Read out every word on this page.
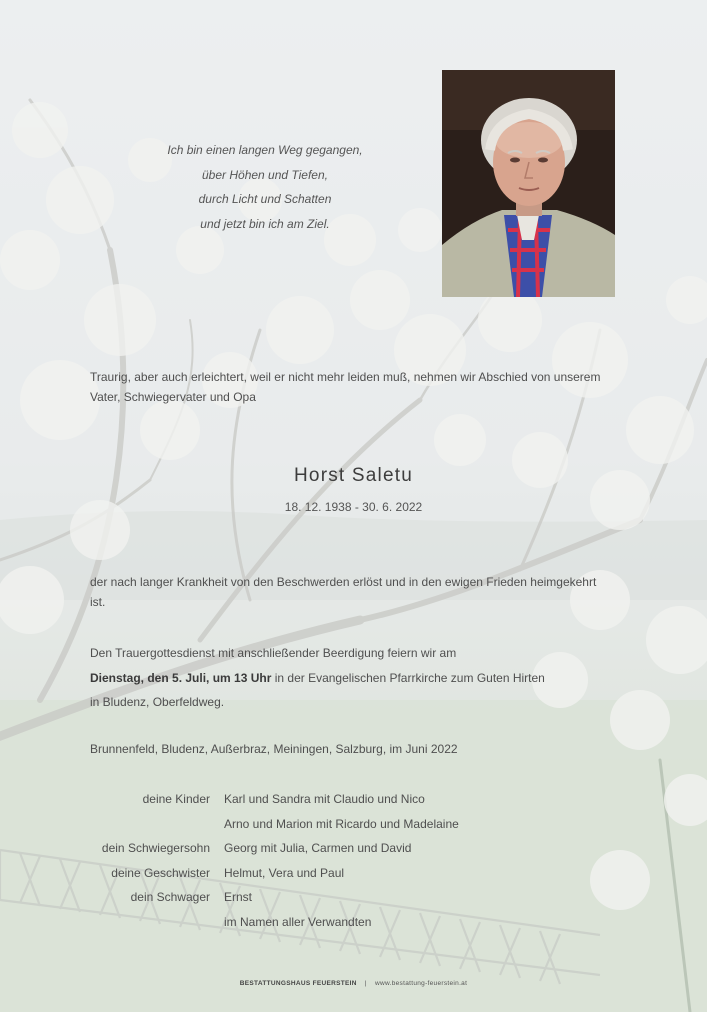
Ich bin einen langen Weg gegangen,
über Höhen und Tiefen,
durch Licht und Schatten
und jetzt bin ich am Ziel.
Traurig, aber auch erleichtert, weil er nicht mehr leiden muß, nehmen wir Abschied von unserem Vater, Schwiegervater und Opa
Horst Saletu
18. 12. 1938 - 30. 6. 2022
der nach langer Krankheit von den Beschwerden erlöst und in den ewigen Frieden heimgekehrt ist.
Den Trauergottesdienst mit anschließender Beerdigung feiern wir am
Dienstag, den 5. Juli, um 13 Uhr in der Evangelischen Pfarrkirche zum Guten Hirten
in Bludenz, Oberfeldweg.
Brunnenfeld, Bludenz, Außerbraz, Meiningen, Salzburg, im Juni 2022
deine Kinder	Karl und Sandra mit Claudio und Nico
Arno und Marion mit Ricardo und Madelaine
dein Schwiegersohn	Georg mit Julia, Carmen und David
deine Geschwister	Helmut, Vera und Paul
dein Schwager	Ernst
im Namen aller Verwandten
BESTATTUNGSHAUS FEUERSTEIN | www.bestattung-feuerstein.at
